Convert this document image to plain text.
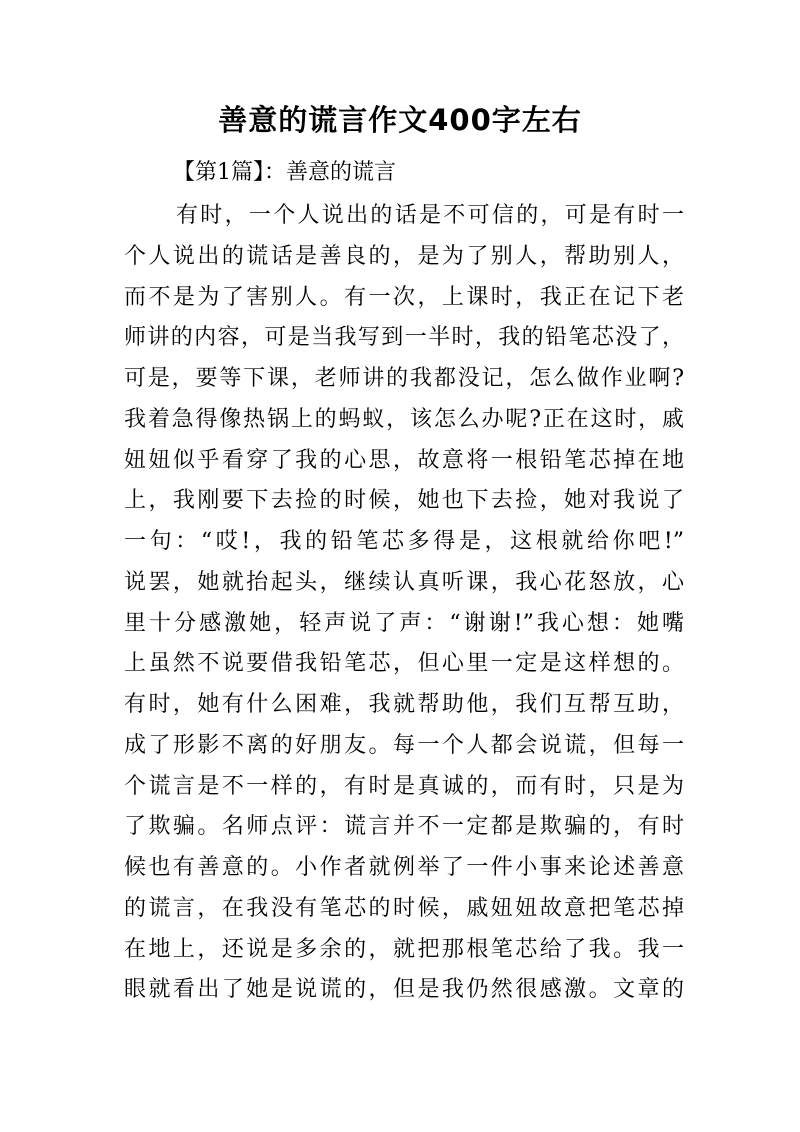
善意的谎言作文400字左右
【第1篇】：善意的谎言
有时，一个人说出的话是不可信的，可是有时一
个人说出的谎话是善良的，是为了别人，帮助别人，
而不是为了害别人。有一次，上课时，我正在记下老
师讲的内容，可是当我写到一半时，我的铅笔芯没了，
可是，要等下课，老师讲的我都没记，怎么做作业啊?
我着急得像热锅上的蚂蚁，该怎么办呢?正在这时，戚
妞妞似乎看穿了我的心思，故意将一根铅笔芯掉在地
上，我刚要下去捡的时候，她也下去捡，她对我说了
一句：“哎!，我的铅笔芯多得是，这根就给你吧!”
说罢，她就抬起头，继续认真听课，我心花怒放，心
里十分感激她，轻声说了声：“谢谢!”我心想：她嘴
上虽然不说要借我铅笔芯，但心里一定是这样想的。
有时，她有什么困难，我就帮助他，我们互帮互助，
成了形影不离的好朋友。每一个人都会说谎，但每一
个谎言是不一样的，有时是真诚的，而有时，只是为
了欺骗。名师点评：谎言并不一定都是欺骗的，有时
候也有善意的。小作者就例举了一件小事来论述善意
的谎言，在我没有笔芯的时候，戚妞妞故意把笔芯掉
在地上，还说是多余的，就把那根笔芯给了我。我一
眼就看出了她是说谎的，但是我仍然很感激。文章的
